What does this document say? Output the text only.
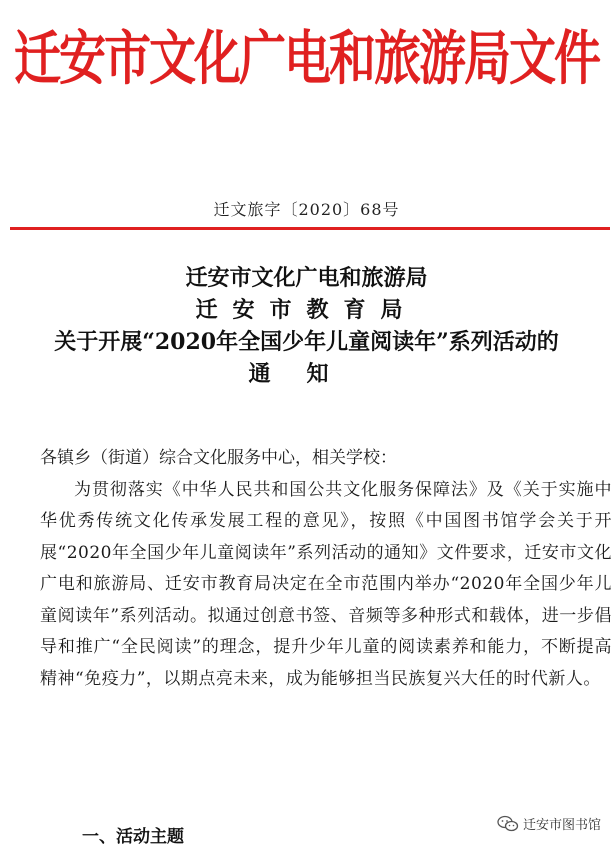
迁安市文化广电和旅游局文件
迁文旅字〔2020〕68号
迁安市文化广电和旅游局
迁安市教育局
关于开展“2020年全国少年儿童阅读年”系列活动的
通知

各镇乡（街道）综合文化服务中心，相关学校：

为贯彻落实《中华人民共和国公共文化服务保障法》及《关于实施中华优秀传统文化传承发展工程的意见》，按照《中国图书馆学会关于开展“2020年全国少年儿童阅读年”系列活动的通知》文件要求，迁安市文化广电和旅游局、迁安市教育局决定在全市范围内举办“2020年全国少年儿童阅读年”系列活动。拟通过创意书签、音频等多种形式和载体，进一步倡导和推广“全民阅读”的理念，提升少年儿童的阅读素养和能力，不断提高精神“免疫力”，以期点亮未来，成为能够担当民族复兴大任的时代新人。

一、活动主题
迁安市图书馆
